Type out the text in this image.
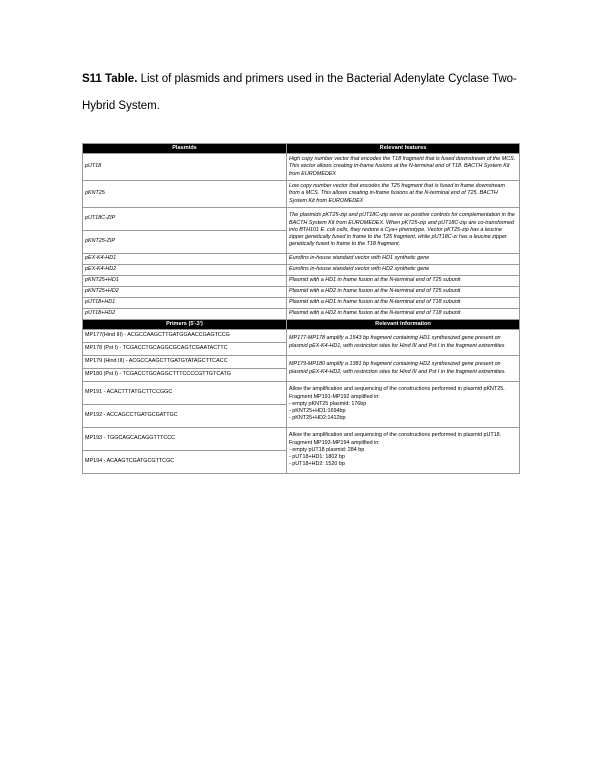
S11 Table. List of plasmids and primers used in the Bacterial Adenylate Cyclase Two-Hybrid System.
Plasmids	Relevant features
pUT18	High copy number vector that encodes the T18 fragment that is fused downstream of the MCS. This vector allows creating in-frame fusions at the N-terminal end of T18. BACTH System Kit from EUROMEDEX
pKNT25	Low copy number vector that encodes the T25 fragment that is fused in frame downstream from a MCS. This allows creating in-frame fusions at the N-terminal end of T25. BACTH System Kit from EUROMEDEX
pUT18C-ZIP	The plasmids pKT25-zip and pUT18C-zip serve as positive controls for complementation in the BACTH System Kit from EUROMEDEX. When pKT25-zip and pUT18C-zip are co-transformed into BTH101 E. coli cells, they restore a Cya+ phenotype. Vector pKT25-zip has a leucine zipper genetically fused in frame to the T25 fragment, while pUT18C-zi has a leucine zipper genetically fused in frame to the T18 fragment.
pKNT25-ZIP	
pEX-K4-HD1	Eurofins in-house standard vector with HD1 synthetic gene
pEX-K4-HD2	Eurofins in-house standard vector with HD2 synthetic gene
pKNT25+HD1	Plasmid with a HD1 in frame fusion at the N-terminal end of T25 subunit
pKNT25+HD2	Plasmid with a HD2 in frame fusion at the N-terminal end of T25 subunit
pUT18+HD1	Plasmid with a HD1 in frame fusion at the N-terminal end of T18 subunit
pUT18+HD2	Plasmid with a HD2 in frame fusion at the N-terminal end of T18 subunit
Primers (5'-3')	Relevant information
MP177(Hind III) - ACGCCAAGCTTGATGGAACCGAGTCCG	MP177-MP178 amplify a 1543 bp fragment containing HD1 synthesized gene present on plasmid pEX-K4-HD1, with restriction sites for Hind III and Pst I in the fragment extremities
MP178 (Pst I) - TCGACCTGCAGGCGCAGTCGAATACTTC	
MP179 (Hind III) - ACGCCAAGCTTGATGTATAGCTTCACC	MP179-MP180 amplify a 1381 bp fragment containing HD2 synthesized gene present on plasmid pEX-K4-HD2, with restriction sites for Hind III and Pst I in the fragment extremities.
MP180 (Pst I) - TCGACCTGCAGGCTTTCCCCGTTGTCATG	
MP191 - ACACTTTATGCTTCCGGC	Allow the amplification and sequencing of the constructions performed in plasmid pKNT25.
Fragment MP191-MP192 amplified in:
- empty pKNT25 plasmid: 176bp
- pKNT25+HD1:1694bp
- pKNT25+HD2:1412bp
MP192 - ACCAGCCTGATGCGATTGC	
MP193 - TGGCAGCACAGGTTTCCC	Allow the amplification and sequencing of the constructions performed in plasmid pUT18.
Fragment MP193-MP194 amplified in:
- empty pUT18 plasmid: 284 bp
- pUT18+HD1: 1802 bp
- pUT18+HD2: 1520 bp
MP194 - ACAAGTCGATGCGTTCGC	
